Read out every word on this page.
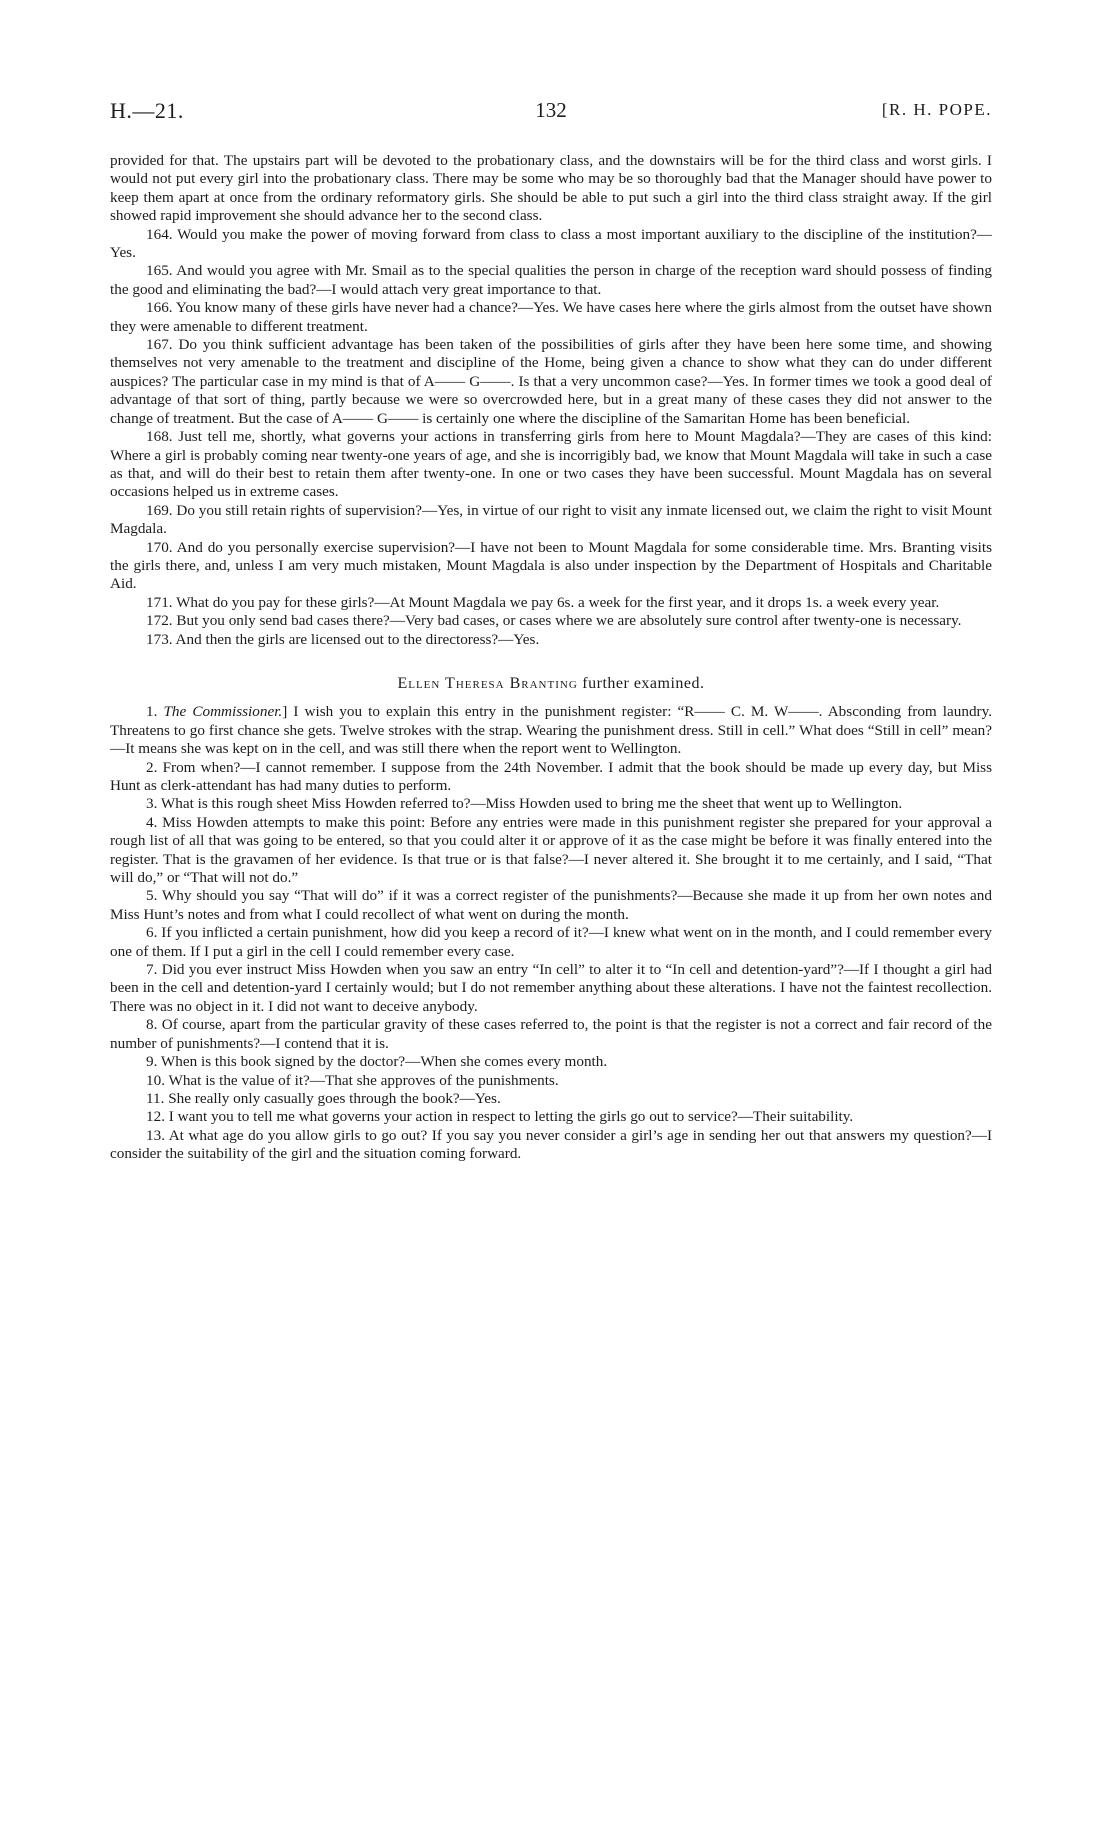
H.—21.	132	[R. H. POPE.

provided for that. The upstairs part will be devoted to the probationary class, and the downstairs will be for the third class and worst girls. I would not put every girl into the probationary class. There may be some who may be so thoroughly bad that the Manager should have power to keep them apart at once from the ordinary reformatory girls. She should be able to put such a girl into the third class straight away. If the girl showed rapid improvement she should advance her to the second class.

164. Would you make the power of moving forward from class to class a most important auxiliary to the discipline of the institution?—Yes.

165. And would you agree with Mr. Smail as to the special qualities the person in charge of the reception ward should possess of finding the good and eliminating the bad?—I would attach very great importance to that.

166. You know many of these girls have never had a chance?—Yes. We have cases here where the girls almost from the outset have shown they were amenable to different treatment.

167. Do you think sufficient advantage has been taken of the possibilities of girls after they have been here some time, and showing themselves not very amenable to the treatment and discipline of the Home, being given a chance to show what they can do under different auspices? The particular case in my mind is that of A—— G——. Is that a very uncommon case?—Yes. In former times we took a good deal of advantage of that sort of thing, partly because we were so overcrowded here, but in a great many of these cases they did not answer to the change of treatment. But the case of A—— G—— is certainly one where the discipline of the Samaritan Home has been beneficial.

168. Just tell me, shortly, what governs your actions in transferring girls from here to Mount Magdala?—They are cases of this kind: Where a girl is probably coming near twenty-one years of age, and she is incorrigibly bad, we know that Mount Magdala will take in such a case as that, and will do their best to retain them after twenty-one. In one or two cases they have been successful. Mount Magdala has on several occasions helped us in extreme cases.

169. Do you still retain rights of supervision?—Yes, in virtue of our right to visit any inmate licensed out, we claim the right to visit Mount Magdala.

170. And do you personally exercise supervision?—I have not been to Mount Magdala for some considerable time. Mrs. Branting visits the girls there, and, unless I am very much mistaken, Mount Magdala is also under inspection by the Department of Hospitals and Charitable Aid.

171. What do you pay for these girls?—At Mount Magdala we pay 6s. a week for the first year, and it drops 1s. a week every year.

172. But you only send bad cases there?—Very bad cases, or cases where we are absolutely sure control after twenty-one is necessary.

173. And then the girls are licensed out to the directoress?—Yes.

Ellen Theresa Branting further examined.

1. The Commissioner.] I wish you to explain this entry in the punishment register: “R—— C. M. W——. Absconding from laundry. Threatens to go first chance she gets. Twelve strokes with the strap. Wearing the punishment dress. Still in cell.” What does “Still in cell” mean?—It means she was kept on in the cell, and was still there when the report went to Wellington.

2. From when?—I cannot remember. I suppose from the 24th November. I admit that the book should be made up every day, but Miss Hunt as clerk-attendant has had many duties to perform.

3. What is this rough sheet Miss Howden referred to?—Miss Howden used to bring me the sheet that went up to Wellington.

4. Miss Howden attempts to make this point: Before any entries were made in this punishment register she prepared for your approval a rough list of all that was going to be entered, so that you could alter it or approve of it as the case might be before it was finally entered into the register. That is the gravamen of her evidence. Is that true or is that false?—I never altered it. She brought it to me certainly, and I said, “That will do,” or “That will not do.”

5. Why should you say “That will do” if it was a correct register of the punishments?—Because she made it up from her own notes and Miss Hunt’s notes and from what I could recollect of what went on during the month.

6. If you inflicted a certain punishment, how did you keep a record of it?—I knew what went on in the month, and I could remember every one of them. If I put a girl in the cell I could remember every case.

7. Did you ever instruct Miss Howden when you saw an entry “In cell” to alter it to “In cell and detention-yard”?—If I thought a girl had been in the cell and detention-yard I certainly would; but I do not remember anything about these alterations. I have not the faintest recollection. There was no object in it. I did not want to deceive anybody.

8. Of course, apart from the particular gravity of these cases referred to, the point is that the register is not a correct and fair record of the number of punishments?—I contend that it is.

9. When is this book signed by the doctor?—When she comes every month.

10. What is the value of it?—That she approves of the punishments.

11. She really only casually goes through the book?—Yes.

12. I want you to tell me what governs your action in respect to letting the girls go out to service?—Their suitability.

13. At what age do you allow girls to go out? If you say you never consider a girl’s age in sending her out that answers my question?—I consider the suitability of the girl and the situation coming forward.
